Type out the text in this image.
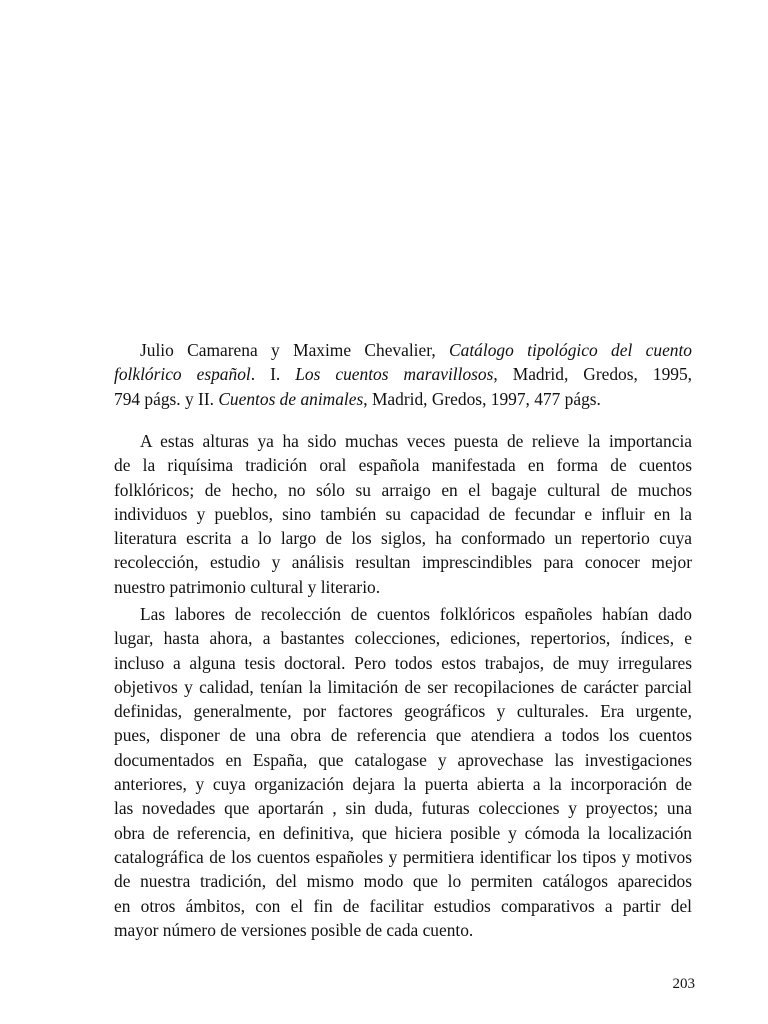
Julio Camarena y Maxime Chevalier, Catálogo tipológico del cuento
folklórico español. I. Los cuentos maravillosos, Madrid, Gredos, 1995,
794 págs. y II. Cuentos de animales, Madrid, Gredos, 1997, 477 págs.
A estas alturas ya ha sido muchas veces puesta de relieve la importancia
de la riquísima tradición oral española manifestada en forma de cuentos
folklóricos; de hecho, no sólo su arraigo en el bagaje cultural de muchos
individuos y pueblos, sino también su capacidad de fecundar e influir en la
literatura escrita a lo largo de los siglos, ha conformado un repertorio cuya
recolección, estudio y análisis resultan imprescindibles para conocer mejor
nuestro patrimonio cultural y literario.
Las labores de recolección de cuentos folklóricos españoles habían dado
lugar, hasta ahora, a bastantes colecciones, ediciones, repertorios, índices, e
incluso a alguna tesis doctoral. Pero todos estos trabajos, de muy irregulares
objetivos y calidad, tenían la limitación de ser recopilaciones de carácter parcial
definidas, generalmente, por factores geográficos y culturales. Era urgente,
pues, disponer de una obra de referencia que atendiera a todos los cuentos
documentados en España, que catalogase y aprovechase las investigaciones
anteriores, y cuya organización dejara la puerta abierta a la incorporación de
las novedades que aportarán , sin duda, futuras colecciones y proyectos; una
obra de referencia, en definitiva, que hiciera posible y cómoda la localización
catalográfica de los cuentos españoles y permitiera identificar los tipos y motivos
de nuestra tradición, del mismo modo que lo permiten catálogos aparecidos
en otros ámbitos, con el fin de facilitar estudios comparativos a partir del
mayor número de versiones posible de cada cuento.
203
